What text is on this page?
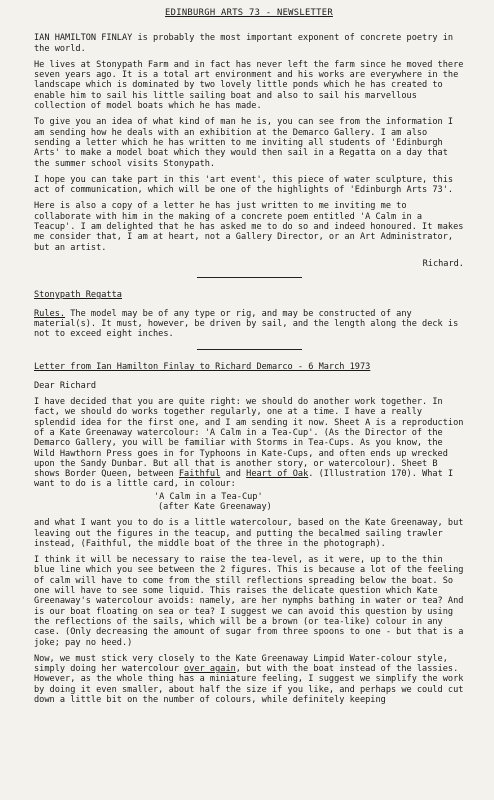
EDINBURGH ARTS 73 - NEWSLETTER

IAN HAMILTON FINLAY is probably the most important exponent of concrete poetry in the world.

He lives at Stonypath Farm and in fact has never left the farm since he moved there seven years ago. It is a total art environment and his works are everywhere in the landscape which is dominated by two lovely little ponds which he has created to enable him to sail his little sailing boat and also to sail his marvellous collection of model boats which he has made.

To give you an idea of what kind of man he is, you can see from the information I am sending how he deals with an exhibition at the Demarco Gallery. I am also sending a letter which he has written to me inviting all students of 'Edinburgh Arts' to make a model boat which they would then sail in a Regatta on a day that the summer school visits Stonypath.

I hope you can take part in this 'art event', this piece of water sculpture, this act of communication, which will be one of the highlights of 'Edinburgh Arts 73'.

Here is also a copy of a letter he has just written to me inviting me to collaborate with him in the making of a concrete poem entitled 'A Calm in a Teacup'. I am delighted that he has asked me to do so and indeed honoured. It makes me consider that, I am at heart, not a Gallery Director, or an Art Administrator, but an artist.

Richard.
Stonypath Regatta

Rules. The model may be of any type or rig, and may be constructed of any material(s). It must, however, be driven by sail, and the length along the deck is not to exceed eight inches.

Letter from Ian Hamilton Finlay to Richard Demarco - 6 March 1973
Dear Richard

I have decided that you are quite right: we should do another work together. In fact, we should do works together regularly, one at a time. I have a really splendid idea for the first one, and I am sending it now. Sheet A is a reproduction of a Kate Greenaway watercolour: 'A Calm in a Tea-Cup'. (As the Director of the Demarco Gallery, you will be familiar with Storms in Tea-Cups. As you know, the Wild Hawthorn Press goes in for Typhoons in Kate-Cups, and often ends up wrecked upon the Sandy Dunbar. But all that is another story, or watercolour). Sheet B shows Border Queen, between Faithful and Heart of Oak. (Illustration 170). What I want to do is a little card, in colour:

'A Calm in a Tea-Cup'
(after Kate Greenaway)

and what I want you to do is a little watercolour, based on the Kate Greenaway, but leaving out the figures in the teacup, and putting the becalmed sailing trawler instead, (Faithful, the middle boat of the three in the photograph).

I think it will be necessary to raise the tea-level, as it were, up to the thin blue line which you see between the 2 figures. This is because a lot of the feeling of calm will have to come from the still reflections spreading below the boat. So one will have to see some liquid. This raises the delicate question which Kate Greenaway's watercolour avoids: namely, are her nymphs bathing in water or tea? And is our boat floating on sea or tea? I suggest we can avoid this question by using the reflections of the sails, which will be a brown (or tea-like) colour in any case. (Only decreasing the amount of sugar from three spoons to one - but that is a joke; pay no heed.)

Now, we must stick very closely to the Kate Greenaway Limpid Water-colour style, simply doing her watercolour over again, but with the boat instead of the lassies. However, as the whole thing has a miniature feeling, I suggest we simplify the work by doing it even smaller, about half the size if you like, and perhaps we could cut down a little bit on the number of colours, while definitely keeping
